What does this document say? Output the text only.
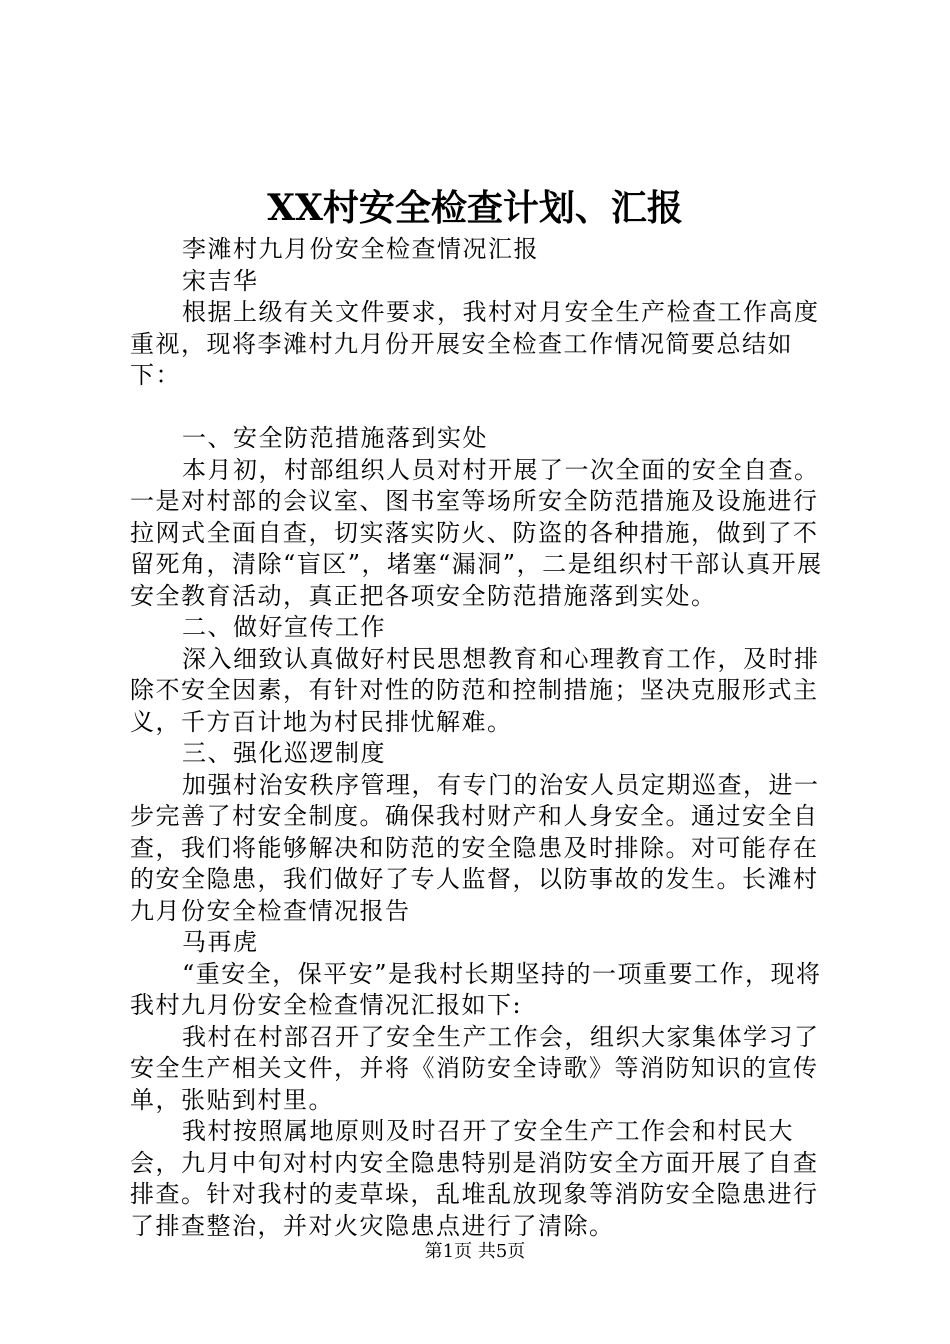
XX村安全检查计划、汇报

李滩村九月份安全检查情况汇报

宋吉华

根据上级有关文件要求，我村对月安全生产检查工作高度重视，现将李滩村九月份开展安全检查工作情况简要总结如下：

一、安全防范措施落到实处

本月初，村部组织人员对村开展了一次全面的安全自查。一是对村部的会议室、图书室等场所安全防范措施及设施进行拉网式全面自查，切实落实防火、防盗的各种措施，做到了不留死角，清除“盲区”，堵塞“漏洞”，二是组织村干部认真开展安全教育活动，真正把各项安全防范措施落到实处。

二、做好宣传工作

深入细致认真做好村民思想教育和心理教育工作，及时排除不安全因素，有针对性的防范和控制措施；坚决克服形式主义，千方百计地为村民排忧解难。

三、强化巡逻制度

加强村治安秩序管理，有专门的治安人员定期巡查，进一步完善了村安全制度。确保我村财产和人身安全。通过安全自查，我们将能够解决和防范的安全隐患及时排除。对可能存在的安全隐患，我们做好了专人监督，以防事故的发生。长滩村九月份安全检查情况报告

马再虎

“重安全，保平安”是我村长期坚持的一项重要工作，现将我村九月份安全检查情况汇报如下:

我村在村部召开了安全生产工作会，组织大家集体学习了安全生产相关文件，并将《消防安全诗歌》等消防知识的宣传单，张贴到村里。

我村按照属地原则及时召开了安全生产工作会和村民大会，九月中旬对村内安全隐患特别是消防安全方面开展了自查排查。针对我村的麦草垛，乱堆乱放现象等消防安全隐患进行了排查整治，并对火灾隐患点进行了清除。

第1页 共5页
